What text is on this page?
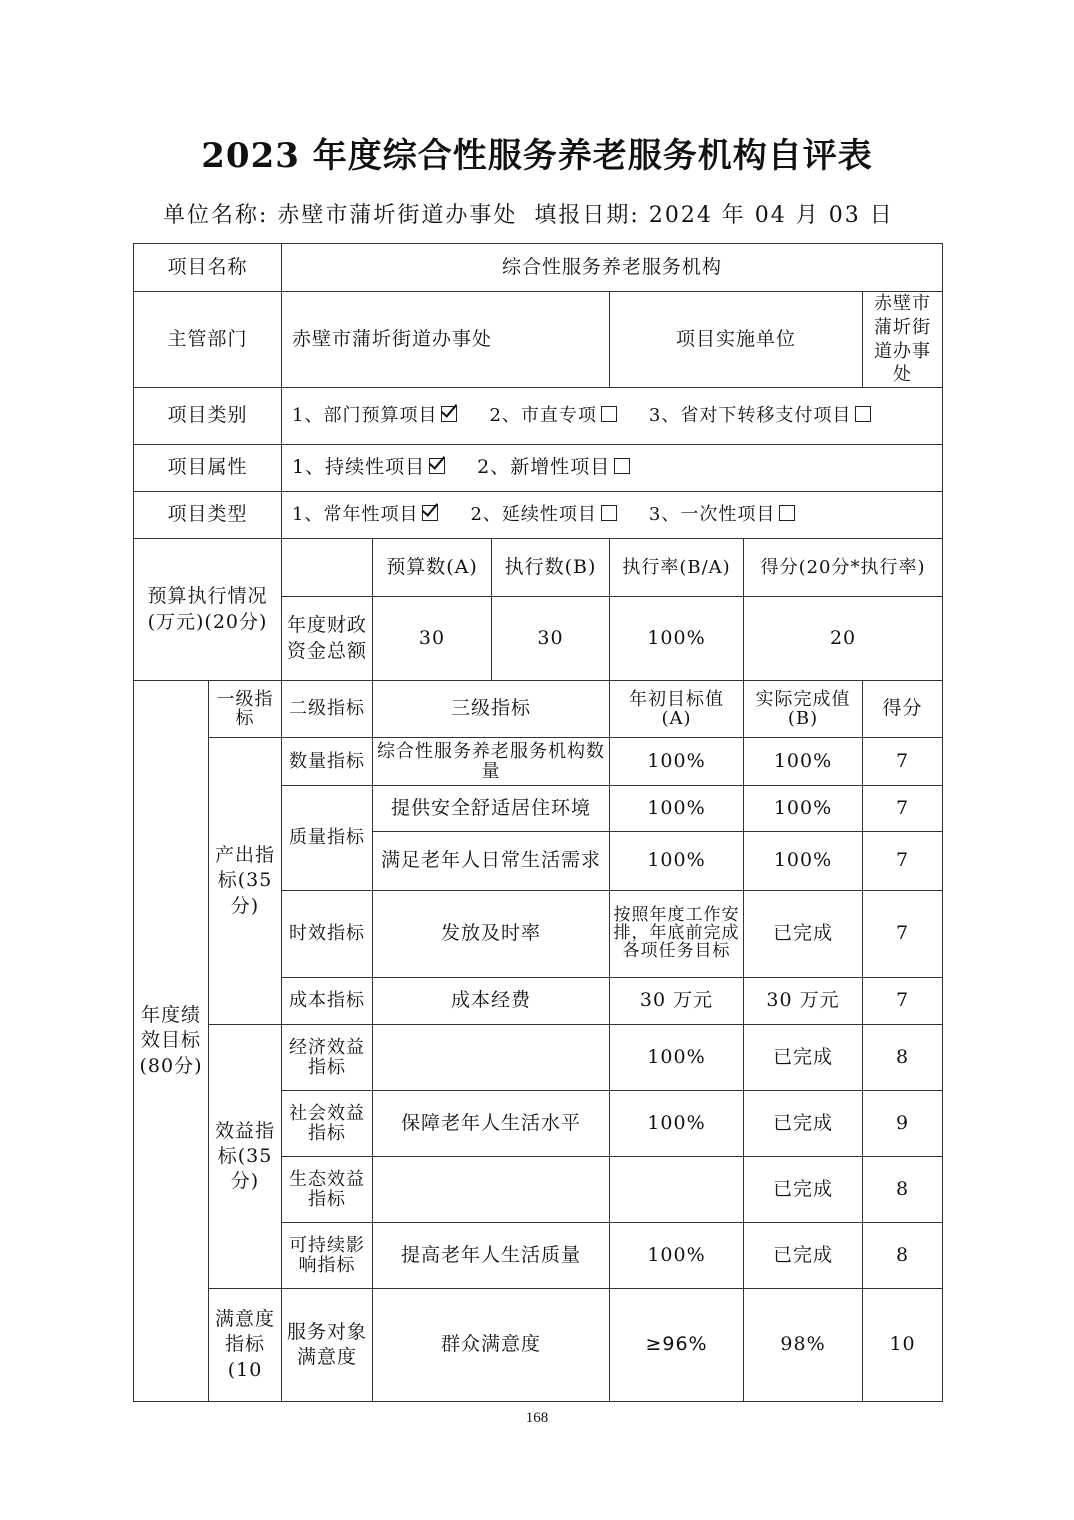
2023 年度综合性服务养老服务机构自评表
单位名称: 赤壁市蒲圻街道办事处 填报日期: 2024 年 04 月 03 日
项目名称		综合性服务养老服务机构					
主管部门		赤壁市蒲圻街道办事处			项目实施单位		赤壁市蒲圻街道办事处
项目类别		1、部门预算项目 2、市直专项 3、省对下转移支付项目					
项目属性		1、持续性项目 2、新增性项目					
项目类型		1、常年性项目 2、延续性项目 3、一次性项目					
预算执行情况(万元)(20分)			预算数(A)	执行数(B)	执行率(B/A)	得分(20分*执行率)	
		年度财政资金总额	30	30	100%	20	
年度绩效目标(80分)	一级指标	二级指标	三级指标		年初目标值(A)	实际完成值(B)	得分
	产出指标(35分)	数量指标	综合性服务养老服务机构数量		100%	100%	7
		质量指标	提供安全舒适居住环境		100%	100%	7
			满足老年人日常生活需求		100%	100%	7
		时效指标	发放及时率		按照年度工作安排，年底前完成各项任务目标	已完成	7
		成本指标	成本经费		30 万元	30 万元	7
	效益指标(35分)	经济效益指标			100%	已完成	8
		社会效益指标	保障老年人生活水平		100%	已完成	9
		生态效益指标				已完成	8
		可持续影响指标	提高老年人生活质量		100%	已完成	8
	满意度指标(10	服务对象满意度	群众满意度		≥96%	98%	10
168
